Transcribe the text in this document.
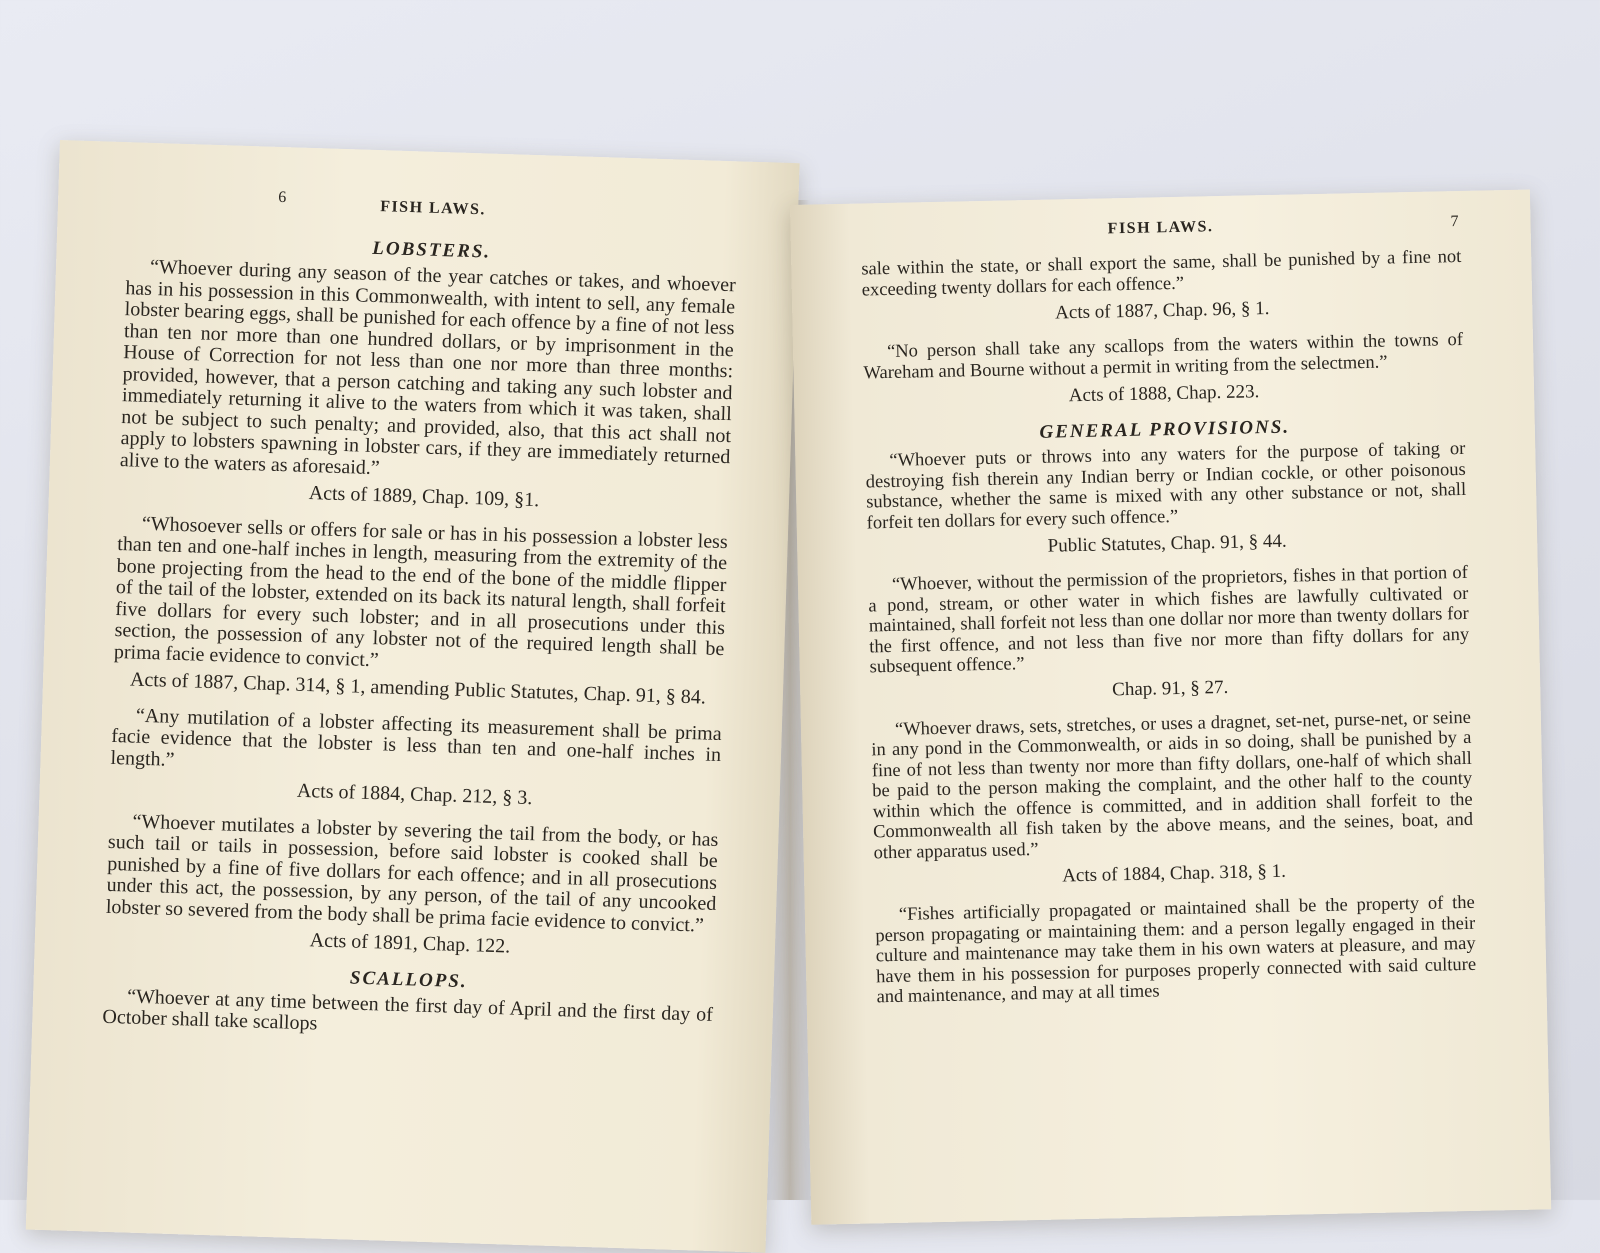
6
FISH LAWS.
LOBSTERS.

“Whoever during any season of the year catches or takes, and whoever has in his possession in this Commonwealth, with intent to sell, any female lobster bearing eggs, shall be punished for each offence by a fine of not less than ten nor more than one hundred dollars, or by imprisonment in the House of Correction for not less than one nor more than three months: provided, however, that a person catching and taking any such lobster and immediately returning it alive to the waters from which it was taken, shall not be subject to such penalty; and provided, also, that this act shall not apply to lobsters spawning in lobster cars, if they are immediately returned alive to the waters as aforesaid.”

Acts of 1889, Chap. 109, §1.

“Whosoever sells or offers for sale or has in his possession a lobster less than ten and one-half inches in length, measuring from the extremity of the bone projecting from the head to the end of the bone of the middle flipper of the tail of the lobster, extended on its back its natural length, shall forfeit five dollars for every such lobster; and in all prosecutions under this section, the possession of any lobster not of the required length shall be prima facie evidence to convict.”

Acts of 1887, Chap. 314, § 1, amending Public Statutes, Chap. 91, § 84.

“Any mutilation of a lobster affecting its measurement shall be prima facie evidence that the lobster is less than ten and one-half inches in length.”

Acts of 1884, Chap. 212, § 3.

“Whoever mutilates a lobster by severing the tail from the body, or has such tail or tails in possession, before said lobster is cooked shall be punished by a fine of five dollars for each offence; and in all prosecutions under this act, the possession, by any person, of the tail of any uncooked lobster so severed from the body shall be prima facie evidence to convict.”

Acts of 1891, Chap. 122.
SCALLOPS.

“Whoever at any time between the first day of April and the first day of October shall take scallops

FISH LAWS.	7

sale within the state, or shall export the same, shall be punished by a fine not exceeding twenty dollars for each offence.”

Acts of 1887, Chap. 96, § 1.

“No person shall take any scallops from the waters within the towns of Wareham and Bourne without a permit in writing from the selectmen.”

Acts of 1888, Chap. 223.
GENERAL PROVISIONS.

“Whoever puts or throws into any waters for the purpose of taking or destroying fish therein any Indian berry or Indian cockle, or other poisonous substance, whether the same is mixed with any other substance or not, shall forfeit ten dollars for every such offence.”

Public Statutes, Chap. 91, § 44.

“Whoever, without the permission of the proprietors, fishes in that portion of a pond, stream, or other water in which fishes are lawfully cultivated or maintained, shall forfeit not less than one dollar nor more than twenty dollars for the first offence, and not less than five nor more than fifty dollars for any subsequent offence.”

Chap. 91, § 27.

“Whoever draws, sets, stretches, or uses a dragnet, set-net, purse-net, or seine in any pond in the Commonwealth, or aids in so doing, shall be punished by a fine of not less than twenty nor more than fifty dollars, one-half of which shall be paid to the person making the complaint, and the other half to the county within which the offence is committed, and in addition shall forfeit to the Commonwealth all fish taken by the above means, and the seines, boat, and other apparatus used.”

Acts of 1884, Chap. 318, § 1.

“Fishes artificially propagated or maintained shall be the property of the person propagating or maintaining them: and a person legally engaged in their culture and maintenance may take them in his own waters at pleasure, and may have them in his possession for purposes properly connected with said culture and maintenance, and may at all times
